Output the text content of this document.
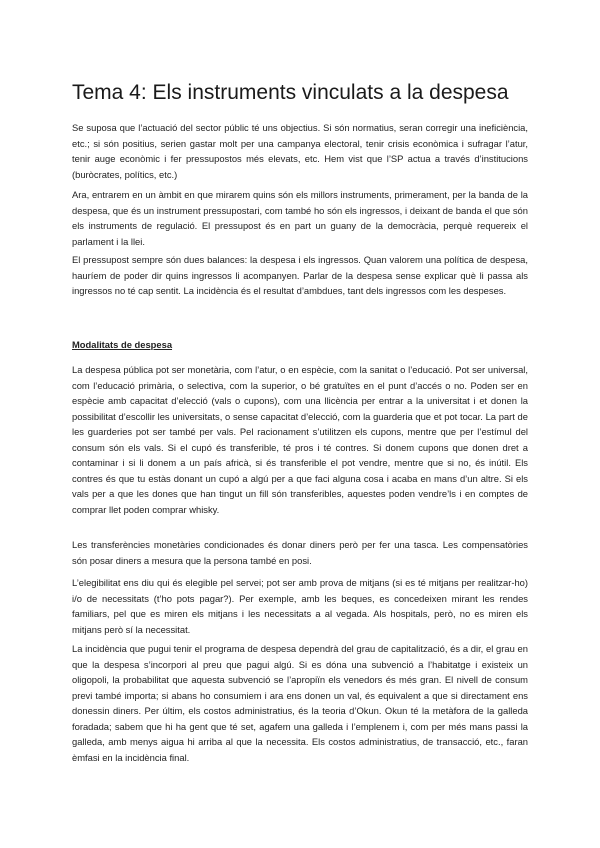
Tema 4: Els instruments vinculats a la despesa

Se suposa que l’actuació del sector públic té uns objectius. Si són normatius, seran corregir una ineficiència, etc.; si són positius, serien gastar molt per una campanya electoral, tenir crisis econòmica i sufragar l’atur, tenir auge econòmic i fer pressupostos més elevats, etc. Hem vist que l’SP actua a través d’institucions (buròcrates, polítics, etc.)

Ara, entrarem en un àmbit en que mirarem quins són els millors instruments, primerament, per la banda de la despesa, que és un instrument pressupostari, com també ho són els ingressos, i deixant de banda el que són els instruments de regulació. El pressupost és en part un guany de la democràcia, perquè requereix el parlament i la llei.

El pressupost sempre són dues balances: la despesa i els ingressos. Quan valorem una política de despesa, hauríem de poder dir quins ingressos li acompanyen. Parlar de la despesa sense explicar què li passa als ingressos no té cap sentit. La incidència és el resultat d’ambdues, tant dels ingressos com les despeses.

Modalitats de despesa

La despesa pública pot ser monetària, com l’atur, o en espècie, com la sanitat o l’educació. Pot ser universal, com l’educació primària, o selectiva, com la superior, o bé gratuïtes en el punt d’accés o no. Poden ser en espècie amb capacitat d’elecció (vals o cupons), com una llicència per entrar a la universitat i et donen la possibilitat d’escollir les universitats, o sense capacitat d’elecció, com la guarderia que et pot tocar. La part de les guarderies pot ser també per vals. Pel racionament s’utilitzen els cupons, mentre que per l’estímul del consum són els vals. Si el cupó és transferible, té pros i té contres. Si donem cupons que donen dret a contaminar i si li donem a un país africà, si és transferible el pot vendre, mentre que si no, és inútil. Els contres és que tu estàs donant un cupó a algú per a que faci alguna cosa i acaba en mans d’un altre. Si els vals per a que les dones que han tingut un fill són transferibles, aquestes poden vendre’ls i en comptes de comprar llet poden comprar whisky.

Les transferències monetàries condicionades és donar diners però per fer una tasca. Les compensatòries són posar diners a mesura que la persona també en posi.

L’elegibilitat ens diu qui és elegible pel servei; pot ser amb prova de mitjans (si es té mitjans per realitzar-ho) i/o de necessitats (t’ho pots pagar?). Per exemple, amb les beques, es concedeixen mirant les rendes familiars, pel que es miren els mitjans i les necessitats a al vegada. Als hospitals, però, no es miren els mitjans però sí la necessitat.

La incidència que pugui tenir el programa de despesa dependrà del grau de capitalització, és a dir, el grau en que la despesa s’incorpori al preu que pagui algú. Si es dóna una subvenció a l’habitatge i existeix un oligopoli, la probabilitat que aquesta subvenció se l’apropiïn els venedors és més gran. El nivell de consum previ també importa; si abans ho consumiem i ara ens donen un val, és equivalent a que si directament ens donessin diners. Per últim, els costos administratius, és la teoria d’Okun. Okun té la metàfora de la galleda foradada; sabem que hi ha gent que té set, agafem una galleda i l’emplenem i, com per més mans passi la galleda, amb menys aigua hi arriba al que la necessita. Els costos administratius, de transacció, etc., faran èmfasi en la incidència final.
